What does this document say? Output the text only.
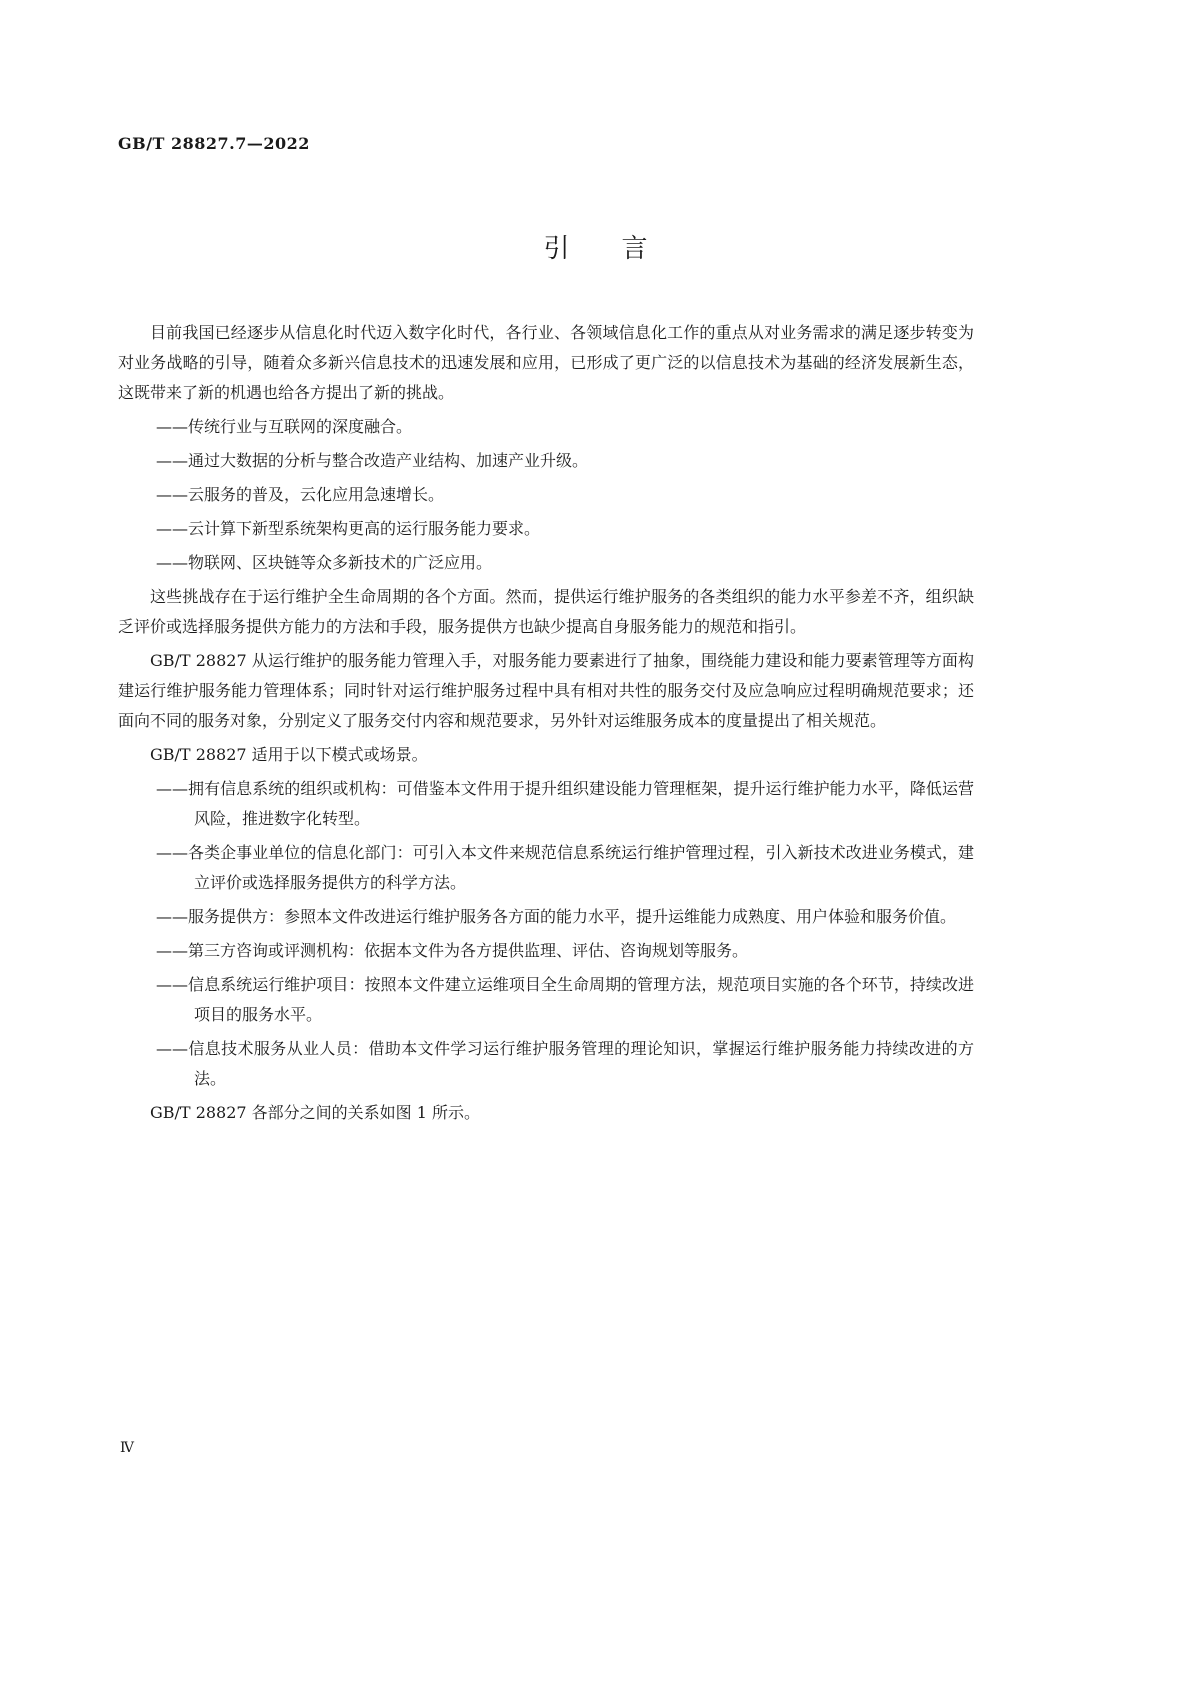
GB/T 28827.7—2022
引言

目前我国已经逐步从信息化时代迈入数字化时代，各行业、各领域信息化工作的重点从对业务需求的满足逐步转变为对业务战略的引导，随着众多新兴信息技术的迅速发展和应用，已形成了更广泛的以信息技术为基础的经济发展新生态，这既带来了新的机遇也给各方提出了新的挑战。

——传统行业与互联网的深度融合。

——通过大数据的分析与整合改造产业结构、加速产业升级。

——云服务的普及，云化应用急速增长。

——云计算下新型系统架构更高的运行服务能力要求。

——物联网、区块链等众多新技术的广泛应用。

这些挑战存在于运行维护全生命周期的各个方面。然而，提供运行维护服务的各类组织的能力水平参差不齐，组织缺乏评价或选择服务提供方能力的方法和手段，服务提供方也缺少提高自身服务能力的规范和指引。

GB/T 28827 从运行维护的服务能力管理入手，对服务能力要素进行了抽象，围绕能力建设和能力要素管理等方面构建运行维护服务能力管理体系；同时针对运行维护服务过程中具有相对共性的服务交付及应急响应过程明确规范要求；还面向不同的服务对象，分别定义了服务交付内容和规范要求，另外针对运维服务成本的度量提出了相关规范。

GB/T 28827 适用于以下模式或场景。

——拥有信息系统的组织或机构：可借鉴本文件用于提升组织建设能力管理框架，提升运行维护能力水平，降低运营风险，推进数字化转型。

——各类企事业单位的信息化部门：可引入本文件来规范信息系统运行维护管理过程，引入新技术改进业务模式，建立评价或选择服务提供方的科学方法。

——服务提供方：参照本文件改进运行维护服务各方面的能力水平，提升运维能力成熟度、用户体验和服务价值。

——第三方咨询或评测机构：依据本文件为各方提供监理、评估、咨询规划等服务。

——信息系统运行维护项目：按照本文件建立运维项目全生命周期的管理方法，规范项目实施的各个环节，持续改进项目的服务水平。

——信息技术服务从业人员：借助本文件学习运行维护服务管理的理论知识，掌握运行维护服务能力持续改进的方法。

GB/T 28827 各部分之间的关系如图 1 所示。

Ⅳ
